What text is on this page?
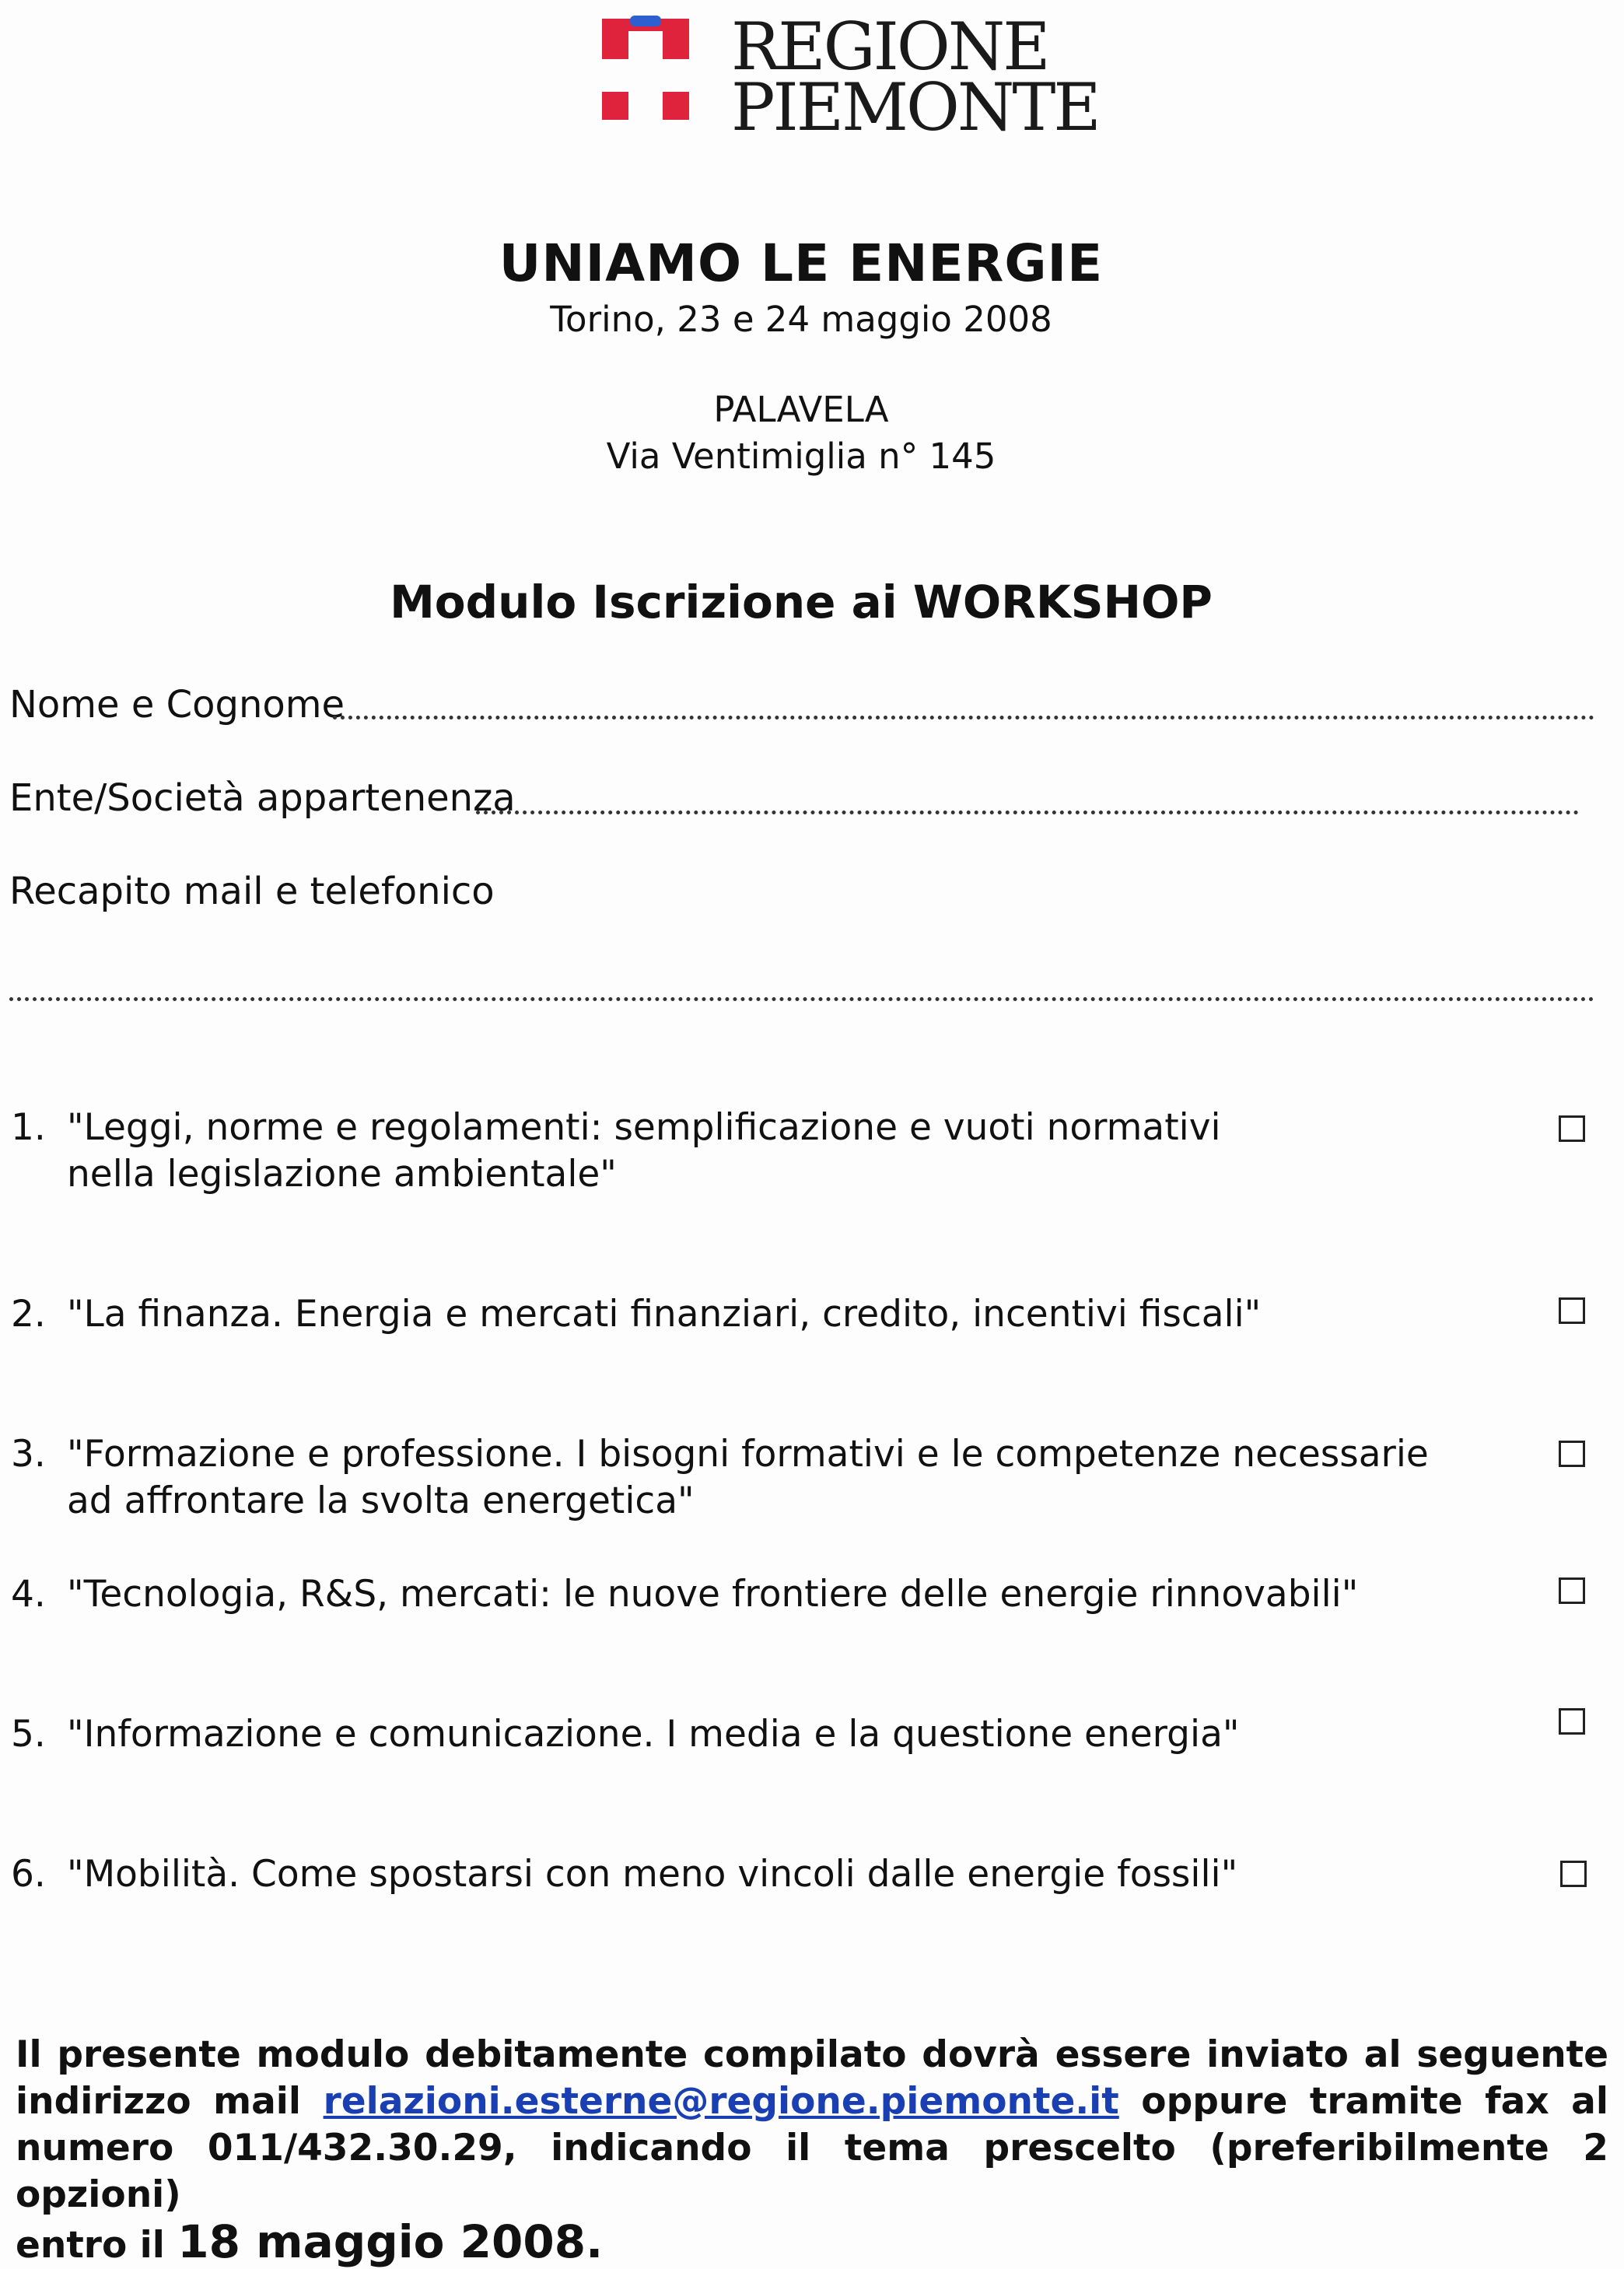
REGIONE
PIEMONTE
UNIAMO LE ENERGIE
Torino, 23 e 24 maggio 2008
PALAVELA
Via Ventimiglia n° 145
Modulo Iscrizione ai WORKSHOP
Nome e Cognome
Ente/Società appartenenza
Recapito mail e telefonico
1. "Leggi, norme e regolamenti: semplificazione e vuoti normativi
nella legislazione ambientale"
2. "La finanza. Energia e mercati finanziari, credito, incentivi fiscali"
3. "Formazione e professione. I bisogni formativi e le competenze necessarie
ad affrontare la svolta energetica"
4. "Tecnologia, R&S, mercati: le nuove frontiere delle energie rinnovabili"
5. "Informazione e comunicazione. I media e la questione energia"
6. "Mobilità. Come spostarsi con meno vincoli dalle energie fossili"

Il presente modulo debitamente compilato dovrà essere inviato al seguente

indirizzo mail relazioni.esterne@regione.piemonte.it oppure tramite fax al

numero 011/432.30.29, indicando il tema prescelto (preferibilmente 2 opzioni)

entro il 18 maggio 2008.
